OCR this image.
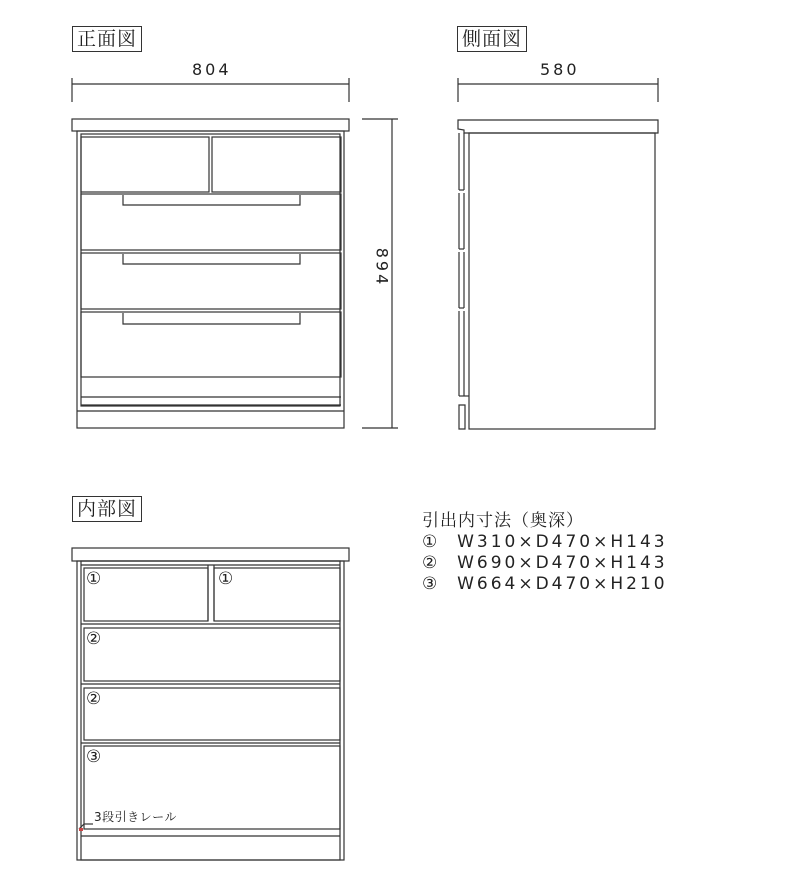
正面図
804
894
側面図
580
内部図
①	①
②
②
③
3段引きレール
引出内寸法（奥深）
① W310×D470×H143
② W690×D470×H143
③ W664×D470×H210
